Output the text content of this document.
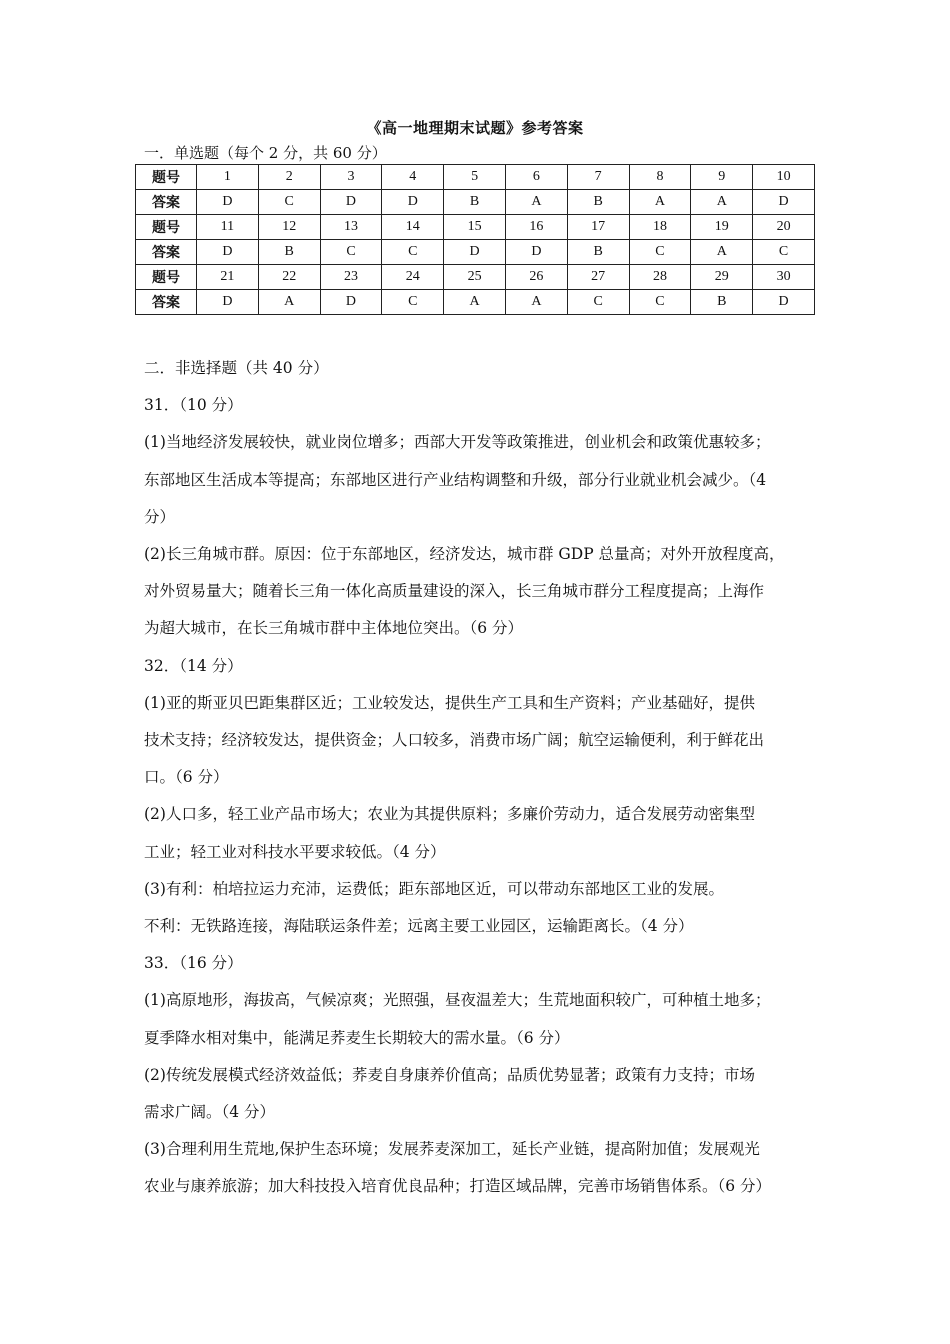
《高一地理期末试题》参考答案
一．单选题（每个 2 分，共 60 分）
题号	1	2	3	4	5	6	7	8	9	10
答案	D	C	D	D	B	A	B	A	A	D
题号	11	12	13	14	15	16	17	18	19	20
答案	D	B	C	C	D	D	B	C	A	C
题号	21	22	23	24	25	26	27	28	29	30
答案	D	A	D	C	A	A	C	C	B	D

二．非选择题（共 40 分）

31．（10 分）

(1)当地经济发展较快，就业岗位增多；西部大开发等政策推进，创业机会和政策优惠较多；

东部地区生活成本等提高；东部地区进行产业结构调整和升级，部分行业就业机会减少。（4

分）

(2)长三角城市群。原因：位于东部地区，经济发达，城市群 GDP 总量高；对外开放程度高，

对外贸易量大；随着长三角一体化高质量建设的深入，长三角城市群分工程度提高；上海作

为超大城市，在长三角城市群中主体地位突出。（6 分）

32．（14 分）

(1)亚的斯亚贝巴距集群区近；工业较发达，提供生产工具和生产资料；产业基础好，提供

技术支持；经济较发达，提供资金；人口较多，消费市场广阔；航空运输便利，利于鲜花出

口。（6 分）

(2)人口多，轻工业产品市场大；农业为其提供原料；多廉价劳动力，适合发展劳动密集型

工业；轻工业对科技水平要求较低。（4 分）

(3)有利：柏培拉运力充沛，运费低；距东部地区近，可以带动东部地区工业的发展。

不利：无铁路连接，海陆联运条件差；远离主要工业园区，运输距离长。（4 分）

33．（16 分）

(1)高原地形，海拔高，气候凉爽；光照强，昼夜温差大；生荒地面积较广，可种植土地多；

夏季降水相对集中，能满足荞麦生长期较大的需水量。（6 分）

(2)传统发展模式经济效益低；荞麦自身康养价值高；品质优势显著；政策有力支持；市场

需求广阔。（4 分）

(3)合理利用生荒地,保护生态环境；发展荞麦深加工，延长产业链，提高附加值；发展观光

农业与康养旅游；加大科技投入培育优良品种；打造区域品牌，完善市场销售体系。（6 分）
